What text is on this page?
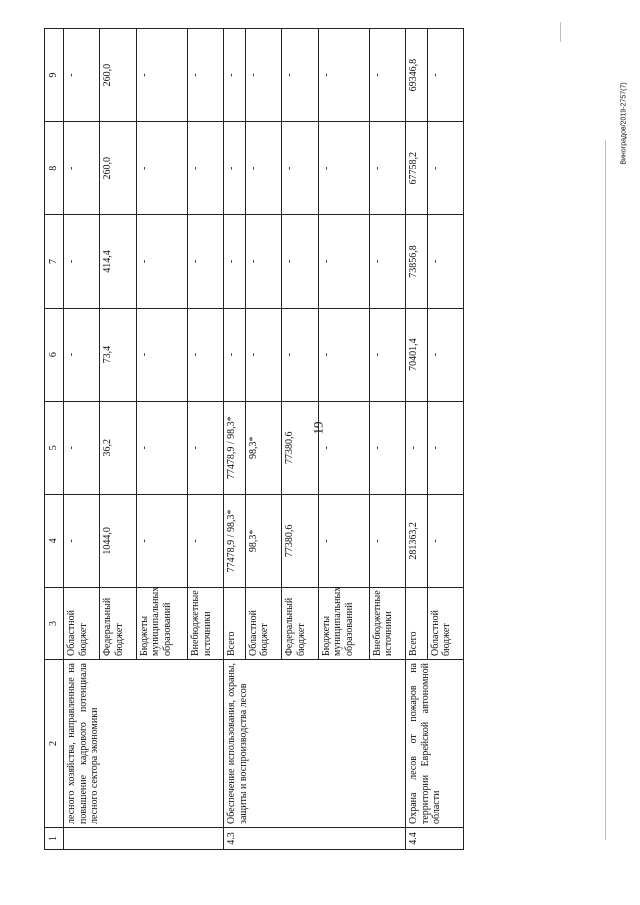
19
1	2	3	4	5	6	7	8	9
	лесного хозяйства, направленные на повышение кадрового потенциала лесного сектора экономики	Областной бюджет	-	-	-	-	-	-
		Федеральный бюджет	1044,0	36,2	73,4	414,4	260,0	260,0
		Бюджеты муниципальных образований	-	-	-	-	-	-
		Внебюджетные источники	-	-	-	-	-	-
4.3	Обеспечение использования, охраны, защиты и воспроизводства лесов	Всего	77478,9 / 98,3*	77478,9 / 98,3*	-	-	-	-
		Областной бюджет	98,3*	98,3*	-	-	-	-
		Федеральный бюджет	77380,6	77380,6	-	-	-	-
		Бюджеты муниципальных образований	-	-	-	-	-	-
		Внебюджетные источники	-	-	-	-	-	-
4.4	Охрана лесов от пожаров на территории Еврейской автономной области	Всего	281363,2	-	70401,4	73856,8	67758,2	69346,8
		Областной бюджет	-	-	-	-	-	-
Виноградов/2019-2757(7)
